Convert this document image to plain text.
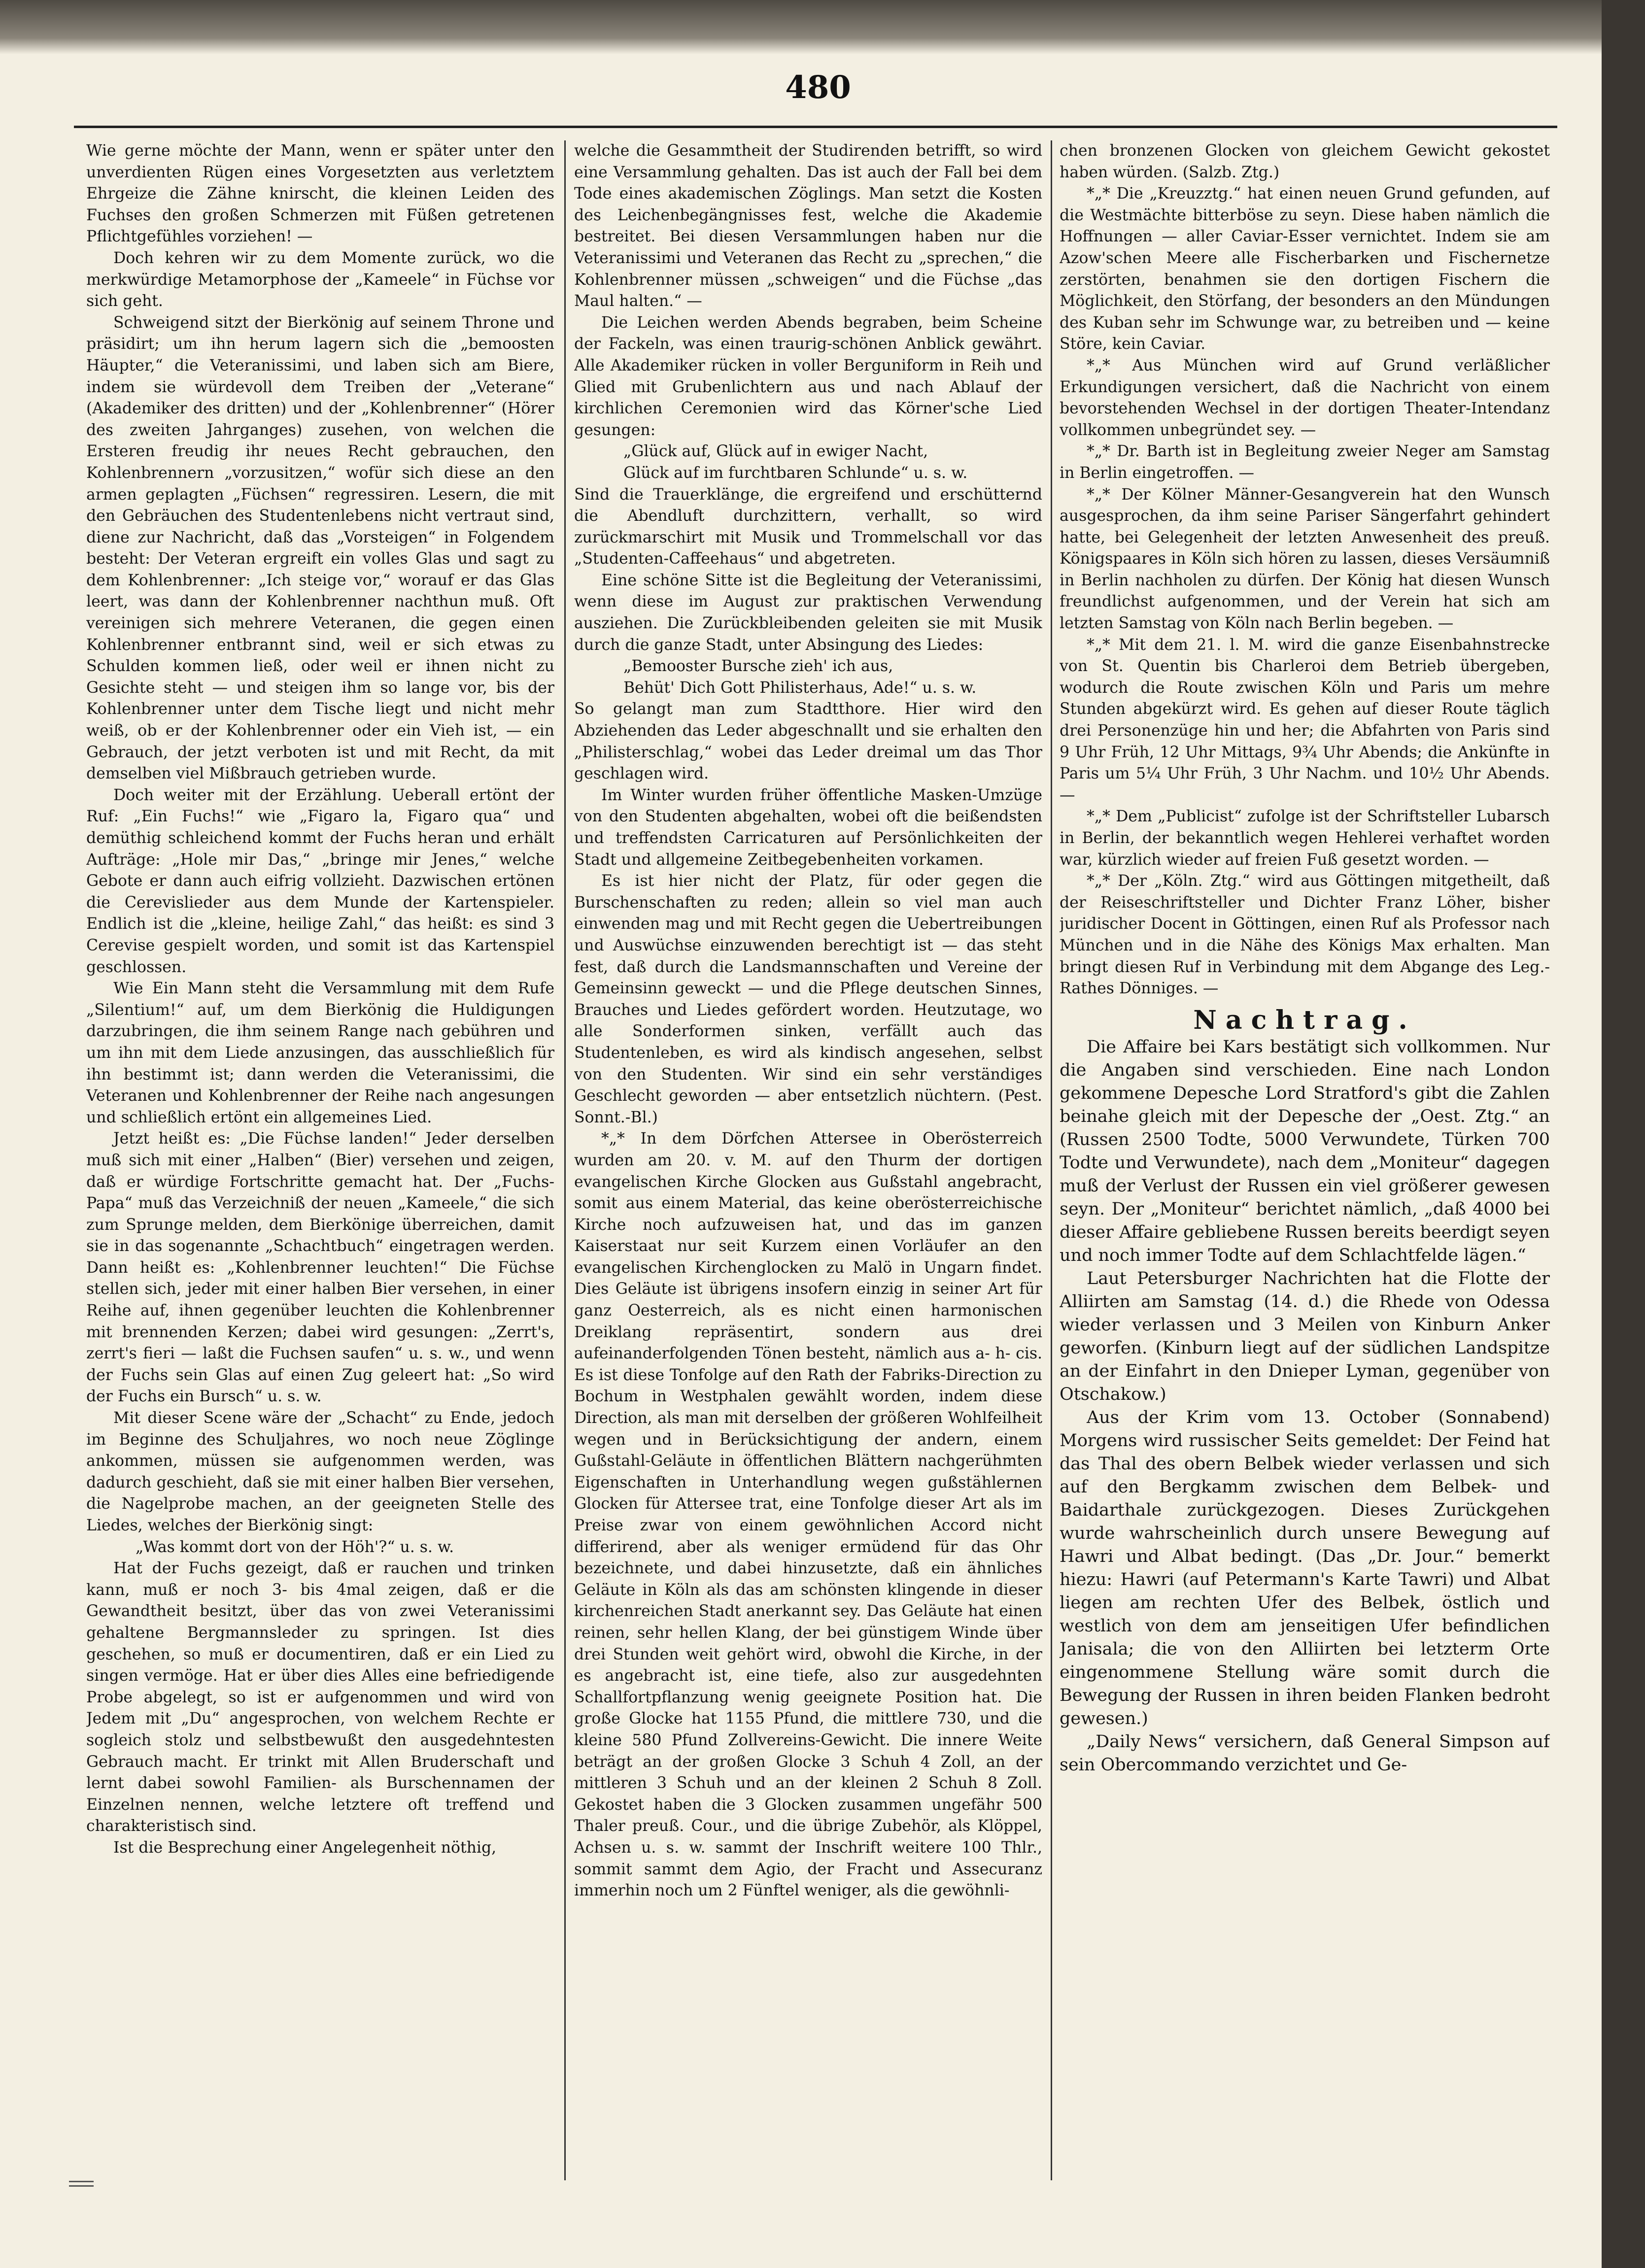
480

Wie gerne möchte der Mann, wenn er später unter den unverdienten Rügen eines Vorgesetzten aus verletztem Ehrgeize die Zähne knirscht, die kleinen Leiden des Fuchses den großen Schmerzen mit Füßen getretenen Pflichtgefühles vorziehen! —

Doch kehren wir zu dem Momente zurück, wo die merkwürdige Metamorphose der „Kameele“ in Füchse vor sich geht.

Schweigend sitzt der Bierkönig auf seinem Throne und präsidirt; um ihn herum lagern sich die „bemoosten Häupter,“ die Veteranissimi, und laben sich am Biere, indem sie würdevoll dem Treiben der „Veterane“ (Akademiker des dritten) und der „Kohlenbrenner“ (Hörer des zweiten Jahrganges) zusehen, von welchen die Ersteren freudig ihr neues Recht gebrauchen, den Kohlenbrennern „vorzusitzen,“ wofür sich diese an den armen geplagten „Füchsen“ regressiren. Lesern, die mit den Gebräuchen des Studentenlebens nicht vertraut sind, diene zur Nachricht, daß das „Vorsteigen“ in Folgendem besteht: Der Veteran ergreift ein volles Glas und sagt zu dem Kohlenbrenner: „Ich steige vor,“ worauf er das Glas leert, was dann der Kohlenbrenner nachthun muß. Oft vereinigen sich mehrere Veteranen, die gegen einen Kohlenbrenner entbrannt sind, weil er sich etwas zu Schulden kommen ließ, oder weil er ihnen nicht zu Gesichte steht — und steigen ihm so lange vor, bis der Kohlenbrenner unter dem Tische liegt und nicht mehr weiß, ob er der Kohlenbrenner oder ein Vieh ist, — ein Gebrauch, der jetzt verboten ist und mit Recht, da mit demselben viel Mißbrauch getrieben wurde.

Doch weiter mit der Erzählung. Ueberall ertönt der Ruf: „Ein Fuchs!“ wie „Figaro la, Figaro qua“ und demüthig schleichend kommt der Fuchs heran und erhält Aufträge: „Hole mir Das,“ „bringe mir Jenes,“ welche Gebote er dann auch eifrig vollzieht. Dazwischen ertönen die Cerevislieder aus dem Munde der Kartenspieler. Endlich ist die „kleine, heilige Zahl,“ das heißt: es sind 3 Cerevise gespielt worden, und somit ist das Kartenspiel geschlossen.

Wie Ein Mann steht die Versammlung mit dem Rufe „Silentium!“ auf, um dem Bierkönig die Huldigungen darzubringen, die ihm seinem Range nach gebühren und um ihn mit dem Liede anzusingen, das ausschließlich für ihn bestimmt ist; dann werden die Veteranissimi, die Veteranen und Kohlenbrenner der Reihe nach angesungen und schließlich ertönt ein allgemeines Lied.

Jetzt heißt es: „Die Füchse landen!“ Jeder derselben muß sich mit einer „Halben“ (Bier) versehen und zeigen, daß er würdige Fortschritte gemacht hat. Der „Fuchs-Papa“ muß das Verzeichniß der neuen „Kameele,“ die sich zum Sprunge melden, dem Bierkönige überreichen, damit sie in das sogenannte „Schachtbuch“ eingetragen werden. Dann heißt es: „Kohlenbrenner leuchten!“ Die Füchse stellen sich, jeder mit einer halben Bier versehen, in einer Reihe auf, ihnen gegenüber leuchten die Kohlenbrenner mit brennenden Kerzen; dabei wird gesungen: „Zerrt's, zerrt's fieri — laßt die Fuchsen saufen“ u. s. w., und wenn der Fuchs sein Glas auf einen Zug geleert hat: „So wird der Fuchs ein Bursch“ u. s. w.

Mit dieser Scene wäre der „Schacht“ zu Ende, jedoch im Beginne des Schuljahres, wo noch neue Zöglinge ankommen, müssen sie aufgenommen werden, was dadurch geschieht, daß sie mit einer halben Bier versehen, die Nagelprobe machen, an der geeigneten Stelle des Liedes, welches der Bierkönig singt:

„Was kommt dort von der Höh'?“ u. s. w.

Hat der Fuchs gezeigt, daß er rauchen und trinken kann, muß er noch 3- bis 4mal zeigen, daß er die Gewandtheit besitzt, über das von zwei Veteranissimi gehaltene Bergmannsleder zu springen. Ist dies geschehen, so muß er documentiren, daß er ein Lied zu singen vermöge. Hat er über dies Alles eine befriedigende Probe abgelegt, so ist er aufgenommen und wird von Jedem mit „Du“ angesprochen, von welchem Rechte er sogleich stolz und selbstbewußt den ausgedehntesten Gebrauch macht. Er trinkt mit Allen Bruderschaft und lernt dabei sowohl Familien- als Burschennamen der Einzelnen nennen, welche letztere oft treffend und charakteristisch sind.

Ist die Besprechung einer Angelegenheit nöthig,

welche die Gesammtheit der Studirenden betrifft, so wird eine Versammlung gehalten. Das ist auch der Fall bei dem Tode eines akademischen Zöglings. Man setzt die Kosten des Leichenbegängnisses fest, welche die Akademie bestreitet. Bei diesen Versammlungen haben nur die Veteranissimi und Veteranen das Recht zu „sprechen,“ die Kohlenbrenner müssen „schweigen“ und die Füchse „das Maul halten.“ —

Die Leichen werden Abends begraben, beim Scheine der Fackeln, was einen traurig-schönen Anblick gewährt. Alle Akademiker rücken in voller Berguniform in Reih und Glied mit Grubenlichtern aus und nach Ablauf der kirchlichen Ceremonien wird das Körner'sche Lied gesungen:

„Glück auf, Glück auf in ewiger Nacht,

Glück auf im furchtbaren Schlunde“ u. s. w.

Sind die Trauerklänge, die ergreifend und erschütternd die Abendluft durchzittern, verhallt, so wird zurückmarschirt mit Musik und Trommelschall vor das „Studenten-Caffeehaus“ und abgetreten.

Eine schöne Sitte ist die Begleitung der Veteranissimi, wenn diese im August zur praktischen Verwendung ausziehen. Die Zurückbleibenden geleiten sie mit Musik durch die ganze Stadt, unter Absingung des Liedes:

„Bemooster Bursche zieh' ich aus,

Behüt' Dich Gott Philisterhaus, Ade!“ u. s. w.

So gelangt man zum Stadtthore. Hier wird den Abziehenden das Leder abgeschnallt und sie erhalten den „Philisterschlag,“ wobei das Leder dreimal um das Thor geschlagen wird.

Im Winter wurden früher öffentliche Masken-Umzüge von den Studenten abgehalten, wobei oft die beißendsten und treffendsten Carricaturen auf Persönlichkeiten der Stadt und allgemeine Zeitbegebenheiten vorkamen.

Es ist hier nicht der Platz, für oder gegen die Burschenschaften zu reden; allein so viel man auch einwenden mag und mit Recht gegen die Uebertreibungen und Auswüchse einzuwenden berechtigt ist — das steht fest, daß durch die Landsmannschaften und Vereine der Gemeinsinn geweckt — und die Pflege deutschen Sinnes, Brauches und Liedes gefördert worden. Heutzutage, wo alle Sonderformen sinken, verfällt auch das Studentenleben, es wird als kindisch angesehen, selbst von den Studenten. Wir sind ein sehr verständiges Geschlecht geworden — aber entsetzlich nüchtern. (Pest. Sonnt.-Bl.)

*„* In dem Dörfchen Attersee in Oberösterreich wurden am 20. v. M. auf den Thurm der dortigen evangelischen Kirche Glocken aus Gußstahl angebracht, somit aus einem Material, das keine oberösterreichische Kirche noch aufzuweisen hat, und das im ganzen Kaiserstaat nur seit Kurzem einen Vorläufer an den evangelischen Kirchenglocken zu Malö in Ungarn findet. Dies Geläute ist übrigens insofern einzig in seiner Art für ganz Oesterreich, als es nicht einen harmonischen Dreiklang repräsentirt, sondern aus drei aufeinanderfolgenden Tönen besteht, nämlich aus a- h- cis. Es ist diese Tonfolge auf den Rath der Fabriks-Direction zu Bochum in Westphalen gewählt worden, indem diese Direction, als man mit derselben der größeren Wohlfeilheit wegen und in Berücksichtigung der andern, einem Gußstahl-Geläute in öffentlichen Blättern nachgerühmten Eigenschaften in Unterhandlung wegen gußstählernen Glocken für Attersee trat, eine Tonfolge dieser Art als im Preise zwar von einem gewöhnlichen Accord nicht differirend, aber als weniger ermüdend für das Ohr bezeichnete, und dabei hinzusetzte, daß ein ähnliches Geläute in Köln als das am schönsten klingende in dieser kirchenreichen Stadt anerkannt sey. Das Geläute hat einen reinen, sehr hellen Klang, der bei günstigem Winde über drei Stunden weit gehört wird, obwohl die Kirche, in der es angebracht ist, eine tiefe, also zur ausgedehnten Schallfortpflanzung wenig geeignete Position hat. Die große Glocke hat 1155 Pfund, die mittlere 730, und die kleine 580 Pfund Zollvereins-Gewicht. Die innere Weite beträgt an der großen Glocke 3 Schuh 4 Zoll, an der mittleren 3 Schuh und an der kleinen 2 Schuh 8 Zoll. Gekostet haben die 3 Glocken zusammen ungefähr 500 Thaler preuß. Cour., und die übrige Zubehör, als Klöppel, Achsen u. s. w. sammt der Inschrift weitere 100 Thlr., sommit sammt dem Agio, der Fracht und Assecuranz immerhin noch um 2 Fünftel weniger, als die gewöhnli-

chen bronzenen Glocken von gleichem Gewicht gekostet haben würden. (Salzb. Ztg.)

*„* Die „Kreuzztg.“ hat einen neuen Grund gefunden, auf die Westmächte bitterböse zu seyn. Diese haben nämlich die Hoffnungen — aller Caviar-Esser vernichtet. Indem sie am Azow'schen Meere alle Fischerbarken und Fischernetze zerstörten, benahmen sie den dortigen Fischern die Möglichkeit, den Störfang, der besonders an den Mündungen des Kuban sehr im Schwunge war, zu betreiben und — keine Störe, kein Caviar.

*„* Aus München wird auf Grund verläßlicher Erkundigungen versichert, daß die Nachricht von einem bevorstehenden Wechsel in der dortigen Theater-Intendanz vollkommen unbegründet sey. —

*„* Dr. Barth ist in Begleitung zweier Neger am Samstag in Berlin eingetroffen. —

*„* Der Kölner Männer-Gesangverein hat den Wunsch ausgesprochen, da ihm seine Pariser Sängerfahrt gehindert hatte, bei Gelegenheit der letzten Anwesenheit des preuß. Königspaares in Köln sich hören zu lassen, dieses Versäumniß in Berlin nachholen zu dürfen. Der König hat diesen Wunsch freundlichst aufgenommen, und der Verein hat sich am letzten Samstag von Köln nach Berlin begeben. —

*„* Mit dem 21. l. M. wird die ganze Eisenbahnstrecke von St. Quentin bis Charleroi dem Betrieb übergeben, wodurch die Route zwischen Köln und Paris um mehre Stunden abgekürzt wird. Es gehen auf dieser Route täglich drei Personenzüge hin und her; die Abfahrten von Paris sind 9 Uhr Früh, 12 Uhr Mittags, 9¾ Uhr Abends; die Ankünfte in Paris um 5¼ Uhr Früh, 3 Uhr Nachm. und 10½ Uhr Abends. —

*„* Dem „Publicist“ zufolge ist der Schriftsteller Lubarsch in Berlin, der bekanntlich wegen Hehlerei verhaftet worden war, kürzlich wieder auf freien Fuß gesetzt worden. —

*„* Der „Köln. Ztg.“ wird aus Göttingen mitgetheilt, daß der Reiseschriftsteller und Dichter Franz Löher, bisher juridischer Docent in Göttingen, einen Ruf als Professor nach München und in die Nähe des Königs Max erhalten. Man bringt diesen Ruf in Verbindung mit dem Abgange des Leg.-Rathes Dönniges. —

Nachtrag.

Die Affaire bei Kars bestätigt sich vollkommen. Nur die Angaben sind verschieden. Eine nach London gekommene Depesche Lord Stratford's gibt die Zahlen beinahe gleich mit der Depesche der „Oest. Ztg.“ an (Russen 2500 Todte, 5000 Verwundete, Türken 700 Todte und Verwundete), nach dem „Moniteur“ dagegen muß der Verlust der Russen ein viel größerer gewesen seyn. Der „Moniteur“ berichtet nämlich, „daß 4000 bei dieser Affaire gebliebene Russen bereits beerdigt seyen und noch immer Todte auf dem Schlachtfelde lägen.“

Laut Petersburger Nachrichten hat die Flotte der Alliirten am Samstag (14. d.) die Rhede von Odessa wieder verlassen und 3 Meilen von Kinburn Anker geworfen. (Kinburn liegt auf der südlichen Landspitze an der Einfahrt in den Dnieper Lyman, gegenüber von Otschakow.)

Aus der Krim vom 13. October (Sonnabend) Morgens wird russischer Seits gemeldet: Der Feind hat das Thal des obern Belbek wieder verlassen und sich auf den Bergkamm zwischen dem Belbek- und Baidarthale zurückgezogen. Dieses Zurückgehen wurde wahrscheinlich durch unsere Bewegung auf Hawri und Albat bedingt. (Das „Dr. Jour.“ bemerkt hiezu: Hawri (auf Petermann's Karte Tawri) und Albat liegen am rechten Ufer des Belbek, östlich und westlich von dem am jenseitigen Ufer befindlichen Janisala; die von den Alliirten bei letzterm Orte eingenommene Stellung wäre somit durch die Bewegung der Russen in ihren beiden Flanken bedroht gewesen.)

„Daily News“ versichern, daß General Simpson auf sein Obercommando verzichtet und Ge-
